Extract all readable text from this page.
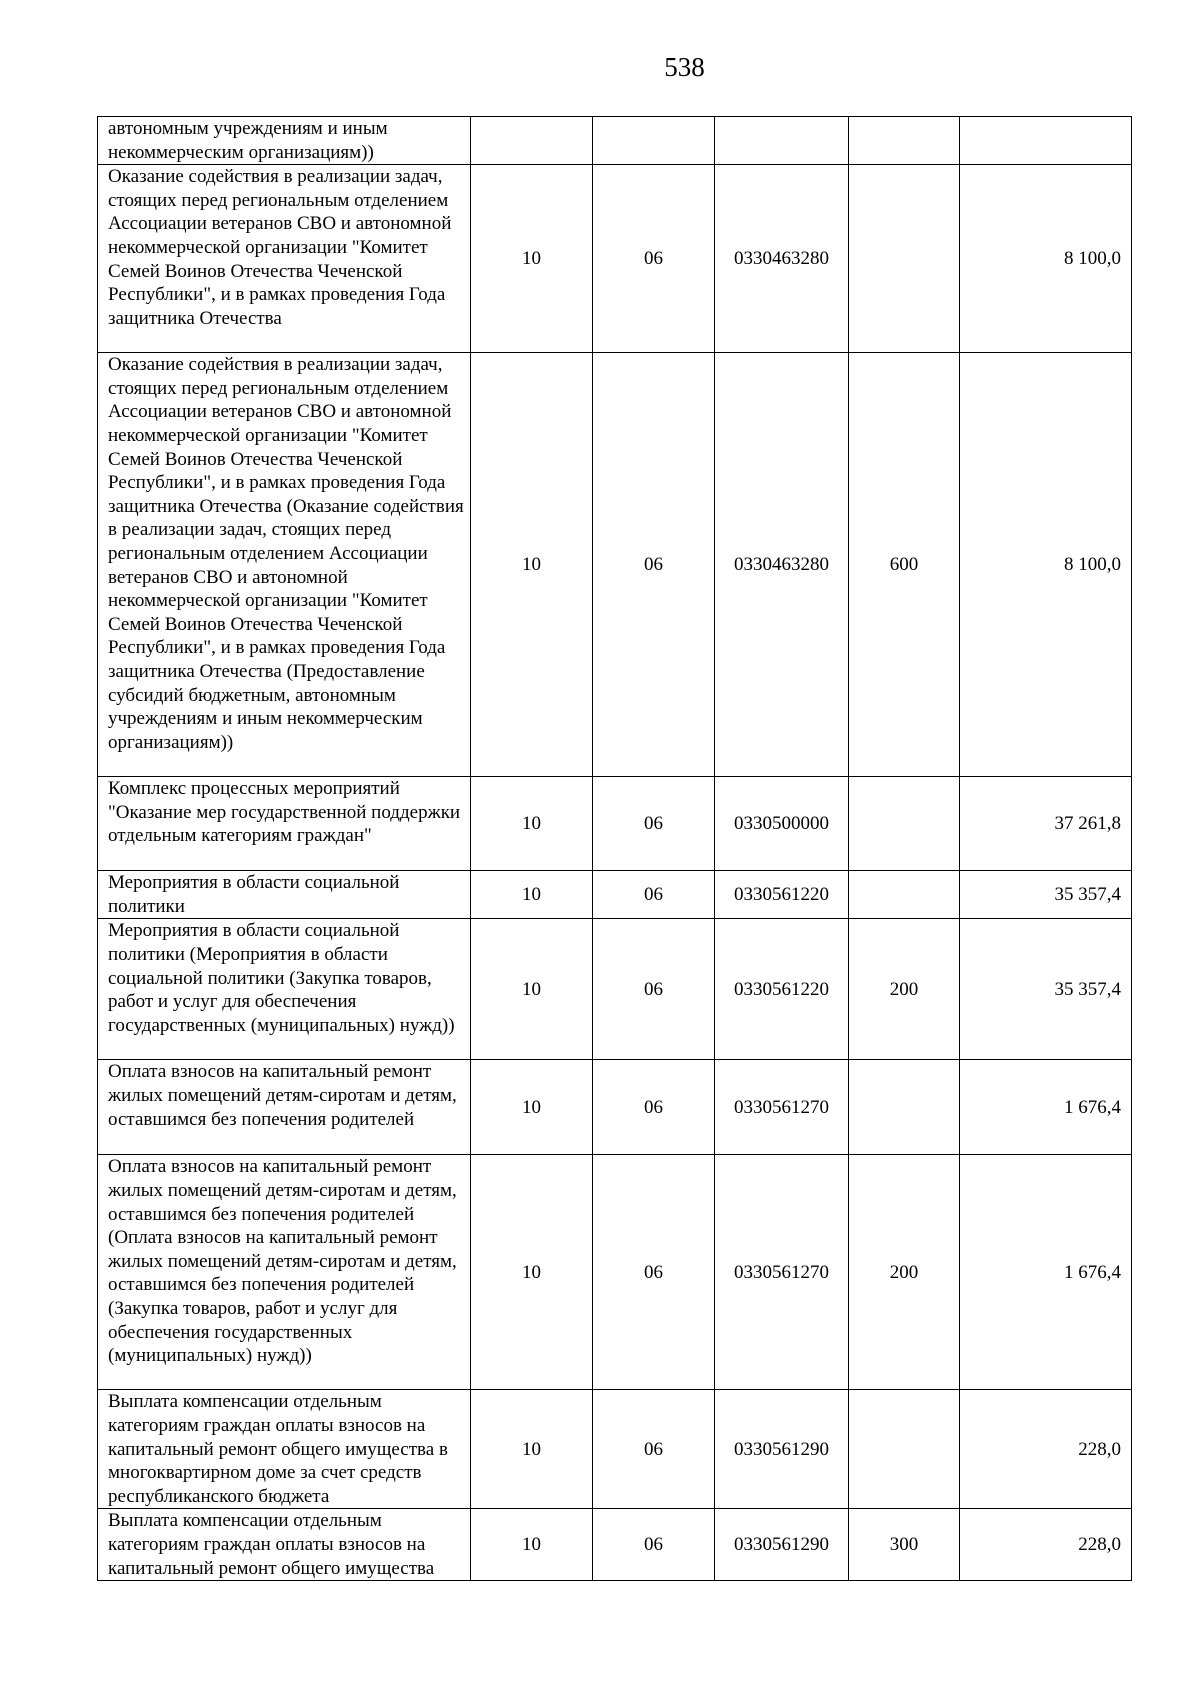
538
автономным учреждениям и иным некоммерческим организациям))					
Оказание содействия в реализации задач, стоящих перед региональным отделением Ассоциации ветеранов СВО и автономной некоммерческой организации "Комитет Семей Воинов Отечества Чеченской Республики", и в рамках проведения Года защитника Отечества	10	06	0330463280		8 100,0
Оказание содействия в реализации задач, стоящих перед региональным отделением Ассоциации ветеранов СВО и автономной некоммерческой организации "Комитет Семей Воинов Отечества Чеченской Республики", и в рамках проведения Года защитника Отечества (Оказание содействия в реализации задач, стоящих перед региональным отделением Ассоциации ветеранов СВО и автономной некоммерческой организации "Комитет Семей Воинов Отечества Чеченской Республики", и в рамках проведения Года защитника Отечества (Предоставление субсидий бюджетным, автономным учреждениям и иным некоммерческим организациям))	10	06	0330463280	600	8 100,0
Комплекс процессных мероприятий "Оказание мер государственной поддержки отдельным категориям граждан"	10	06	0330500000		37 261,8
Мероприятия в области социальной политики	10	06	0330561220		35 357,4
Мероприятия в области социальной политики (Мероприятия в области социальной политики (Закупка товаров, работ и услуг для обеспечения государственных (муниципальных) нужд))	10	06	0330561220	200	35 357,4
Оплата взносов на капитальный ремонт жилых помещений детям-сиротам и детям, оставшимся без попечения родителей	10	06	0330561270		1 676,4
Оплата взносов на капитальный ремонт жилых помещений детям-сиротам и детям, оставшимся без попечения родителей (Оплата взносов на капитальный ремонт жилых помещений детям-сиротам и детям, оставшимся без попечения родителей (Закупка товаров, работ и услуг для обеспечения государственных (муниципальных) нужд))	10	06	0330561270	200	1 676,4
Выплата компенсации отдельным категориям граждан оплаты взносов на капитальный ремонт общего имущества в многоквартирном доме за счет средств республиканского бюджета	10	06	0330561290		228,0
Выплата компенсации отдельным категориям граждан оплаты взносов на капитальный ремонт общего имущества	10	06	0330561290	300	228,0
